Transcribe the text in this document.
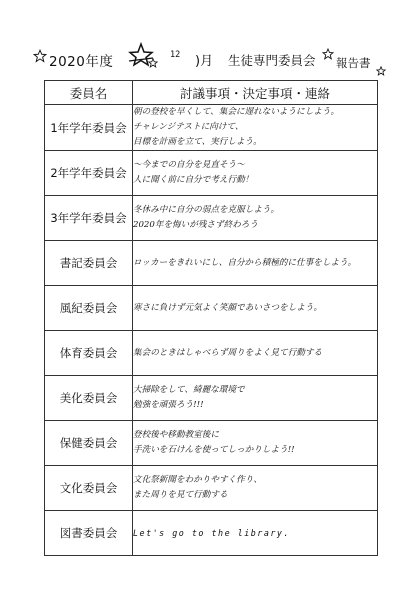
2020年度	12 )月 生徒専門委員会 報告書
委員名	討議事項・決定事項・連絡
1年学年委員会	朝の登校を早くして、集会に遅れないようにしよう。
チャレンジテストに向けて、
目標を計画を立て、実行しよう。

2年学年委員会	〜今までの自分を見直そう〜
人に聞く前に自分で考え行動！

3年学年委員会	冬休み中に自分の弱点を克服しよう。
2020年を悔いが残さず終わろう

書記委員会	ロッカーをきれいにし、自分から積極的に仕事をしよう。

風紀委員会	寒さに負けず元気よく笑顔であいさつをしよう。

体育委員会	集会のときはしゃべらず周りをよく見て行動する

美化委員会	大掃除をして、綺麗な環境で
勉強を頑張ろう!!!

保健委員会	登校後や移動教室後に
手洗いを石けんを使ってしっかりしよう!!

文化委員会	文化祭新聞をわかりやすく作り、
また周りを見て行動する

図書委員会	Let's go to the library.
